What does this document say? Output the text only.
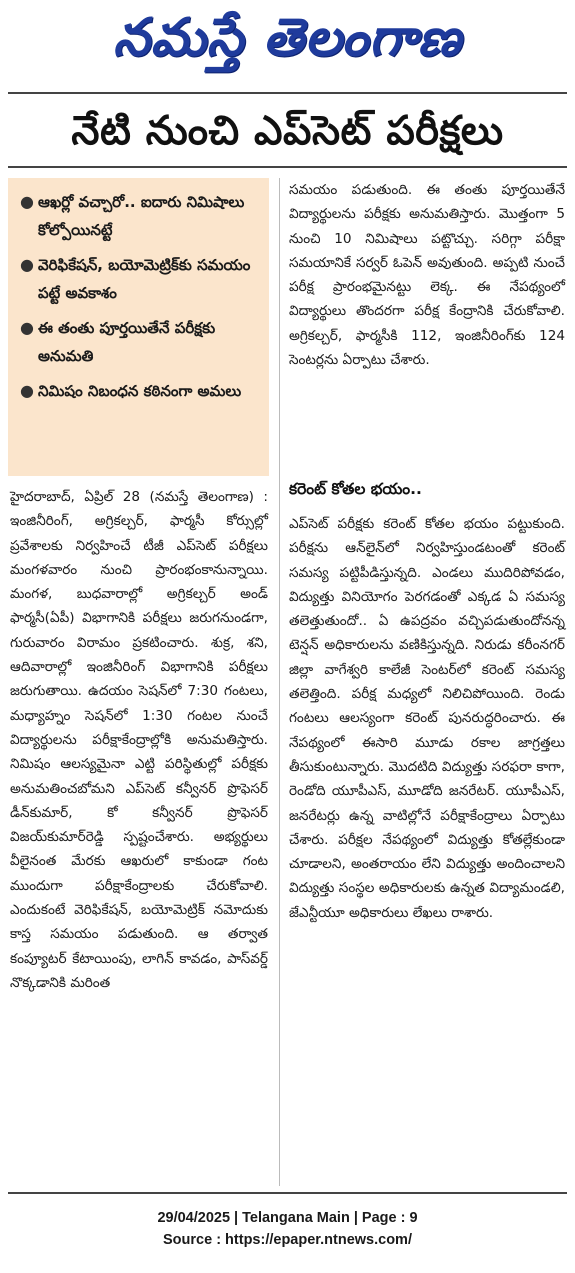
నమస్తే తెలంగాణ
నేటి నుంచి ఎప్‌సెట్ పరీక్షలు
● ఆఖర్లో వచ్చారో.. ఐదారు నిమిషాలు కోల్పోయినట్టే
● వెరిఫికేషన్, బయోమెట్రిక్‌కు సమయం పట్టే అవకాశం
● ఈ తంతు పూర్తయితేనే పరీక్షకు అనుమతి
● నిమిషం నిబంధన కఠినంగా అమలు
హైదరాబాద్, ఏప్రిల్ 28 (నమస్తే తెలంగాణ) : ఇంజినీరింగ్, అగ్రికల్చర్, ఫార్మసీ కోర్సుల్లో ప్రవేశాలకు నిర్వహించే టీజీ ఎప్‌సెట్ పరీక్షలు మంగళవారం నుంచి ప్రారంభంకానున్నాయి. మంగళ, బుధవారాల్లో అగ్రికల్చర్ అండ్ ఫార్మసీ(ఏపీ) విభాగానికి పరీక్షలు జరుగనుండగా, గురువారం విరామం ప్రకటించారు. శుక్ర, శని, ఆదివారాల్లో ఇంజినీరింగ్ విభాగానికి పరీక్షలు జరుగుతాయి. ఉదయం సెషన్‌లో 7:30 గంటలు, మధ్యాహ్నం సెషన్‌లో 1:30 గంటల నుంచే విద్యార్థులను పరీక్షాకేంద్రాల్లోకి అనుమతిస్తారు. నిమిషం ఆలస్యమైనా ఎట్టి పరిస్థితుల్లో పరీక్షకు అనుమతించబోమని ఎప్‌సెట్ కన్వీనర్ ప్రొఫెసర్ డీన్‌కుమార్, కో కన్వీనర్ ప్రొఫెసర్ విజయ్‌కుమార్‌రెడ్డి స్పష్టంచేశారు. అభ్యర్థులు వీలైనంత మేరకు ఆఖరులో కాకుండా గంట ముందుగా పరీక్షాకేంద్రాలకు చేరుకోవాలి. ఎందుకంటే వెరిఫికేషన్, బయోమెట్రిక్ నమోదుకు కాస్త సమయం పడుతుంది. ఆ తర్వాత కంప్యూటర్ కేటాయింపు, లాగిన్ కావడం, పాస్‌వర్డ్ నొక్కడానికి మరింత
సమయం పడుతుంది. ఈ తంతు పూర్తయితేనే విద్యార్థులను పరీక్షకు అనుమతిస్తారు. మొత్తంగా 5 నుంచి 10 నిమిషాలు పట్టొచ్చు. సరిగ్గా పరీక్షా సమయానికే సర్వర్ ఓపెన్ అవుతుంది. అప్పటి నుంచే పరీక్ష ప్రారంభమైనట్టు లెక్క. ఈ నేపథ్యంలో విద్యార్థులు తొందరగా పరీక్ష కేంద్రానికి చేరుకోవాలి. అగ్రికల్చర్, ఫార్మసీకి 112, ఇంజినీరింగ్‌కు 124 సెంటర్లను ఏర్పాటు చేశారు.
కరెంట్ కోతల భయం..
ఎప్‌సెట్ పరీక్షకు కరెంట్ కోతల భయం పట్టుకుంది. పరీక్షను ఆన్‌లైన్‌లో నిర్వహిస్తుండటంతో కరెంట్ సమస్య పట్టిపీడిస్తున్నది. ఎండలు ముదిరిపోవడం, విద్యుత్తు వినియోగం పెరగడంతో ఎక్కడ ఏ సమస్య తలెత్తుతుందో.. ఏ ఉపద్రవం వచ్చిపడుతుందోనన్న టెన్షన్ అధికారులను వణికిస్తున్నది. నిరుడు కరీంనగర్ జిల్లా వాగేశ్వరి కాలేజీ సెంటర్‌లో కరెంట్ సమస్య తలెత్తింది. పరీక్ష మధ్యలో నిలిచిపోయింది. రెండు గంటలు ఆలస్యంగా కరెంట్ పునరుద్ధరించారు. ఈ నేపథ్యంలో ఈసారి మూడు రకాల జాగ్రత్తలు తీసుకుంటున్నారు. మొదటిది విద్యుత్తు సరఫరా కాగా, రెండోది యూపీఎస్, మూడోది జనరేటర్. యూపీఎస్, జనరేటర్లు ఉన్న వాటిల్లోనే పరీక్షాకేంద్రాలు ఏర్పాటు చేశారు. పరీక్షల నేపథ్యంలో విద్యుత్తు కోతల్లేకుండా చూడాలని, అంతరాయం లేని విద్యుత్తు అందించాలని విద్యుత్తు సంస్థల అధికారులకు ఉన్నత విద్యామండలి, జేఎన్టీయూ అధికారులు లేఖలు రాశారు.
29/04/2025 | Telangana Main | Page : 9
Source : https://epaper.ntnews.com/
